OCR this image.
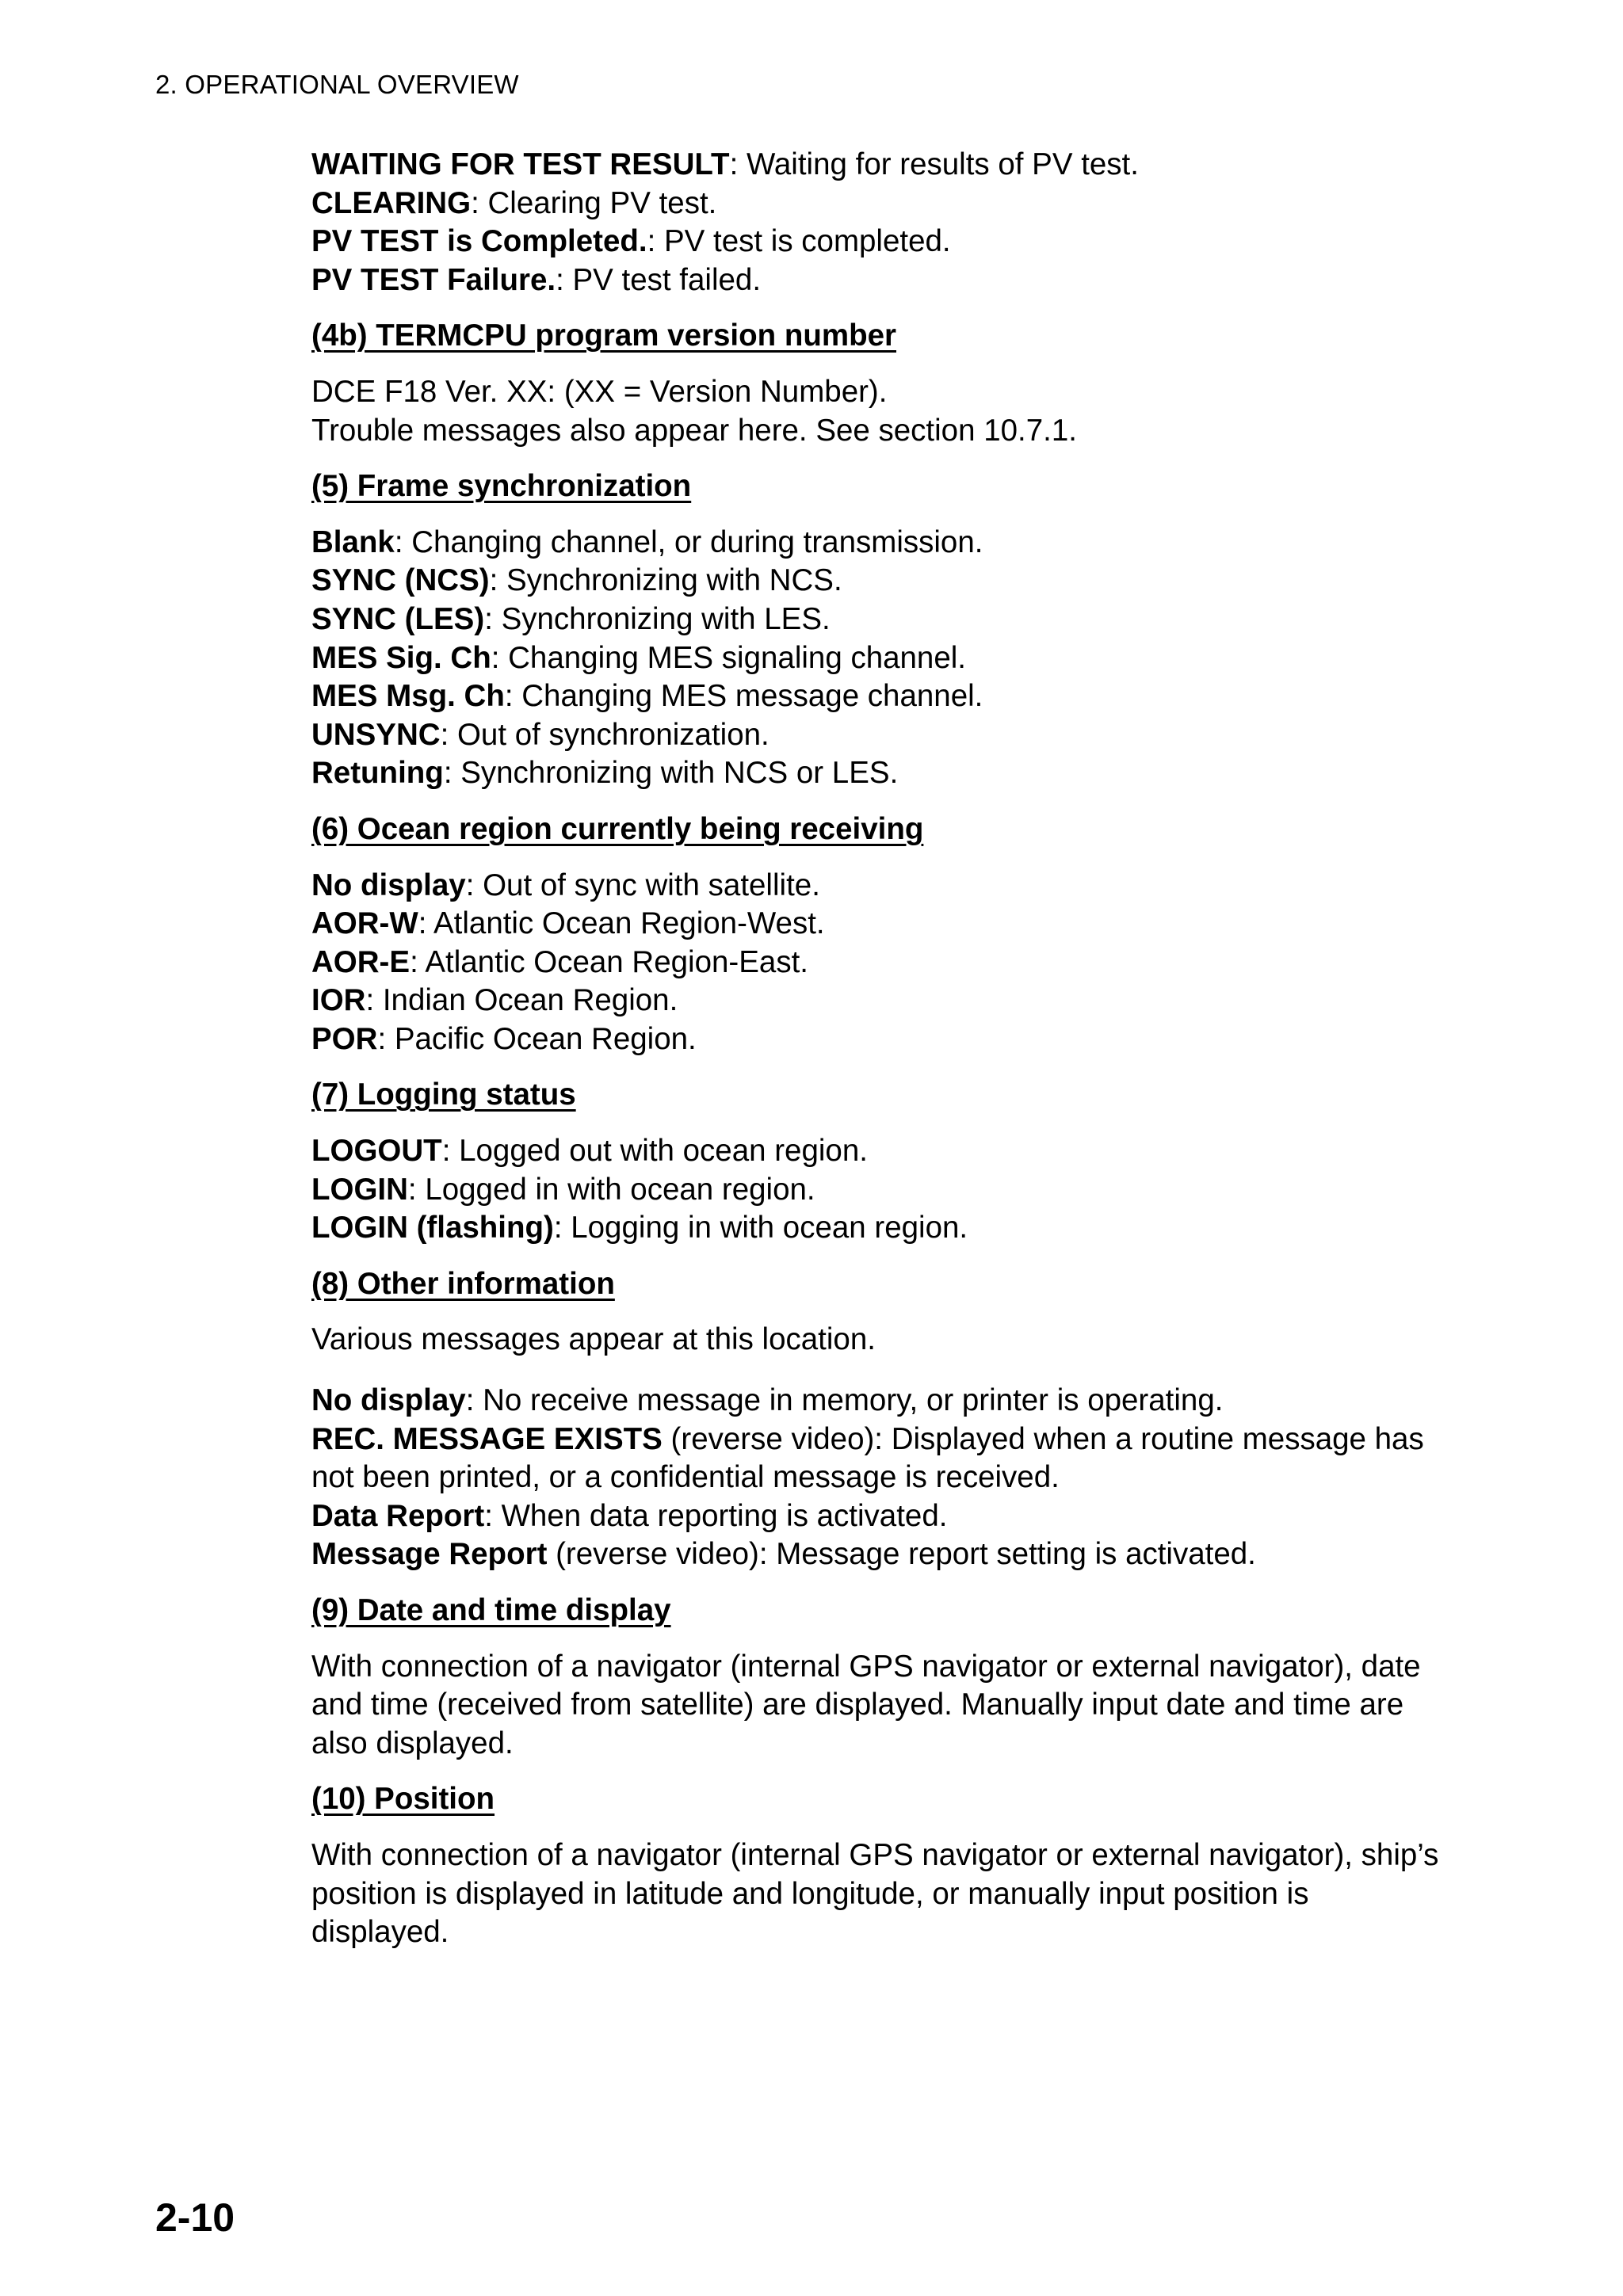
2. OPERATIONAL OVERVIEW

WAITING FOR TEST RESULT: Waiting for results of PV test.

CLEARING: Clearing PV test.

PV TEST is Completed.: PV test is completed.

PV TEST Failure.: PV test failed.

(4b) TERMCPU program version number

DCE F18 Ver. XX: (XX = Version Number).

Trouble messages also appear here. See section 10.7.1.

(5) Frame synchronization

Blank: Changing channel, or during transmission.

SYNC (NCS): Synchronizing with NCS.

SYNC (LES): Synchronizing with LES.

MES Sig. Ch: Changing MES signaling channel.

MES Msg. Ch: Changing MES message channel.

UNSYNC: Out of synchronization.

Retuning: Synchronizing with NCS or LES.

(6) Ocean region currently being receiving

No display: Out of sync with satellite.

AOR-W: Atlantic Ocean Region-West.

AOR-E: Atlantic Ocean Region-East.

IOR: Indian Ocean Region.

POR: Pacific Ocean Region.

(7) Logging status

LOGOUT: Logged out with ocean region.

LOGIN: Logged in with ocean region.

LOGIN (flashing): Logging in with ocean region.

(8) Other information

Various messages appear at this location.

No display: No receive message in memory, or printer is operating.

REC. MESSAGE EXISTS (reverse video): Displayed when a routine message has not been printed, or a confidential message is received.

Data Report: When data reporting is activated.

Message Report (reverse video): Message report setting is activated.

(9) Date and time display

With connection of a navigator (internal GPS navigator or external navigator), date and time (received from satellite) are displayed. Manually input date and time are also displayed.

(10) Position

With connection of a navigator (internal GPS navigator or external navigator), ship’s position is displayed in latitude and longitude, or manually input position is displayed.

2-10
